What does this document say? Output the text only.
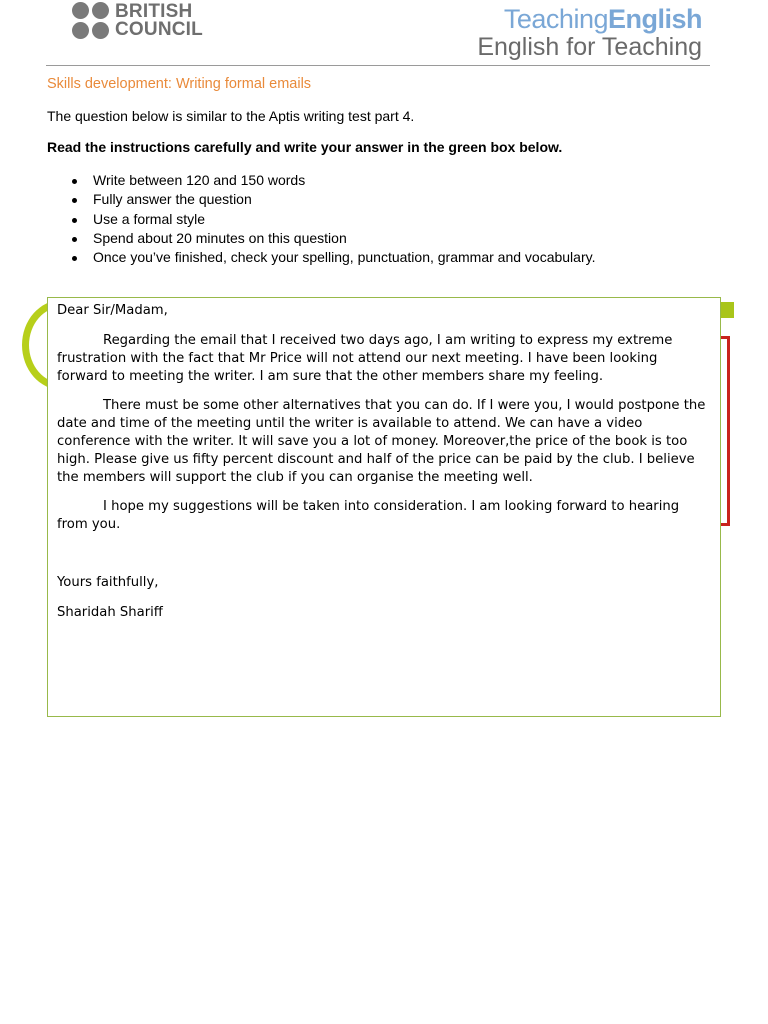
BRITISH
COUNCIL	TeachingEnglish
English for Teaching
Skills development: Writing formal emails
The question below is similar to the Aptis writing test part 4.
Read the instructions carefully and write your answer in the green box below.
Write between 120 and 150 words
Fully answer the question
Use a formal style
Spend about 20 minutes on this question
Once you’ve finished, check your spelling, punctuation, grammar and vocabulary.

Dear Sir/Madam,

Regarding the email that I received two days ago, I am writing to express my extreme frustration with the fact that Mr Price will not attend our next meeting. I have been looking forward to meeting the writer. I am sure that the other members share my feeling.

There must be some other alternatives that you can do. If I were you, I would postpone the date and time of the meeting until the writer is available to attend. We can have a video conference with the writer. It will save you a lot of money. Moreover,the price of the book is too high. Please give us fifty percent discount and half of the price can be paid by the club. I believe the members will support the club if you can organise the meeting well.

I hope my suggestions will be taken into consideration. I am looking forward to hearing from you.

Yours faithfully,

Sharidah Shariff
